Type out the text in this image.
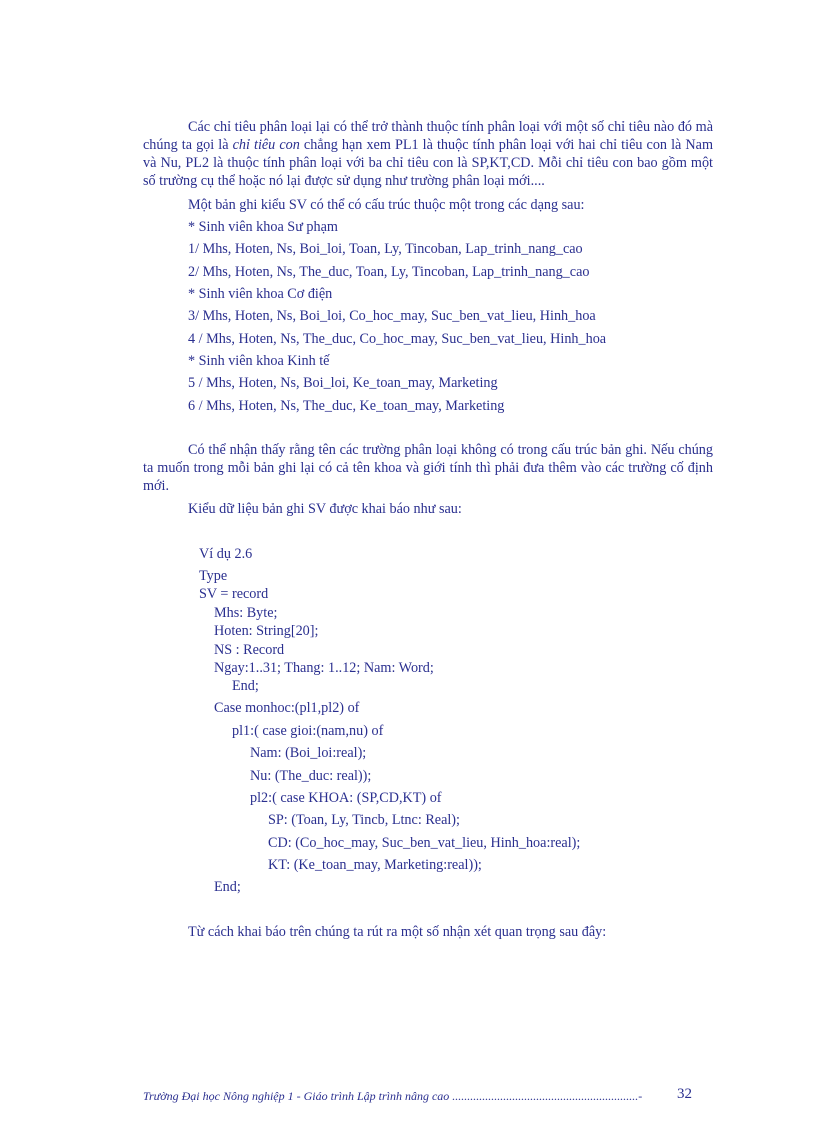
Các chỉ tiêu phân loại lại có thể trở thành thuộc tính phân loại với một số chỉ tiêu nào đó mà chúng ta gọi là chỉ tiêu con chẳng hạn xem PL1 là thuộc tính phân loại với hai chỉ tiêu con là Nam và Nu, PL2 là thuộc tính phân loại với ba chỉ tiêu con là SP,KT,CD. Mỗi chỉ tiêu con bao gồm một số trường cụ thể hoặc nó lại được sử dụng như trường phân loại mới....

Một bản ghi kiểu SV có thể có cấu trúc thuộc một trong các dạng sau:

* Sinh viên khoa Sư phạm

1/ Mhs, Hoten, Ns, Boi_loi, Toan, Ly, Tincoban, Lap_trinh_nang_cao

2/ Mhs, Hoten, Ns, The_duc, Toan, Ly, Tincoban, Lap_trinh_nang_cao

* Sinh viên khoa Cơ điện

3/ Mhs, Hoten, Ns, Boi_loi, Co_hoc_may, Suc_ben_vat_lieu, Hinh_hoa

4 / Mhs, Hoten, Ns, The_duc, Co_hoc_may, Suc_ben_vat_lieu, Hinh_hoa

* Sinh viên khoa Kinh tế

5 / Mhs, Hoten, Ns, Boi_loi, Ke_toan_may, Marketing

6 / Mhs, Hoten, Ns, The_duc, Ke_toan_may, Marketing

Có thể nhận thấy rằng tên các trường phân loại không có trong cấu trúc bản ghi. Nếu chúng ta muốn trong mỗi bản ghi lại có cả tên khoa và giới tính thì phải đưa thêm vào các trường cố định mới.

Kiểu dữ liệu bản ghi SV được khai báo như sau:

Ví dụ 2.6

Type

SV = record

Mhs: Byte;

Hoten: String[20];

NS : Record

Ngay:1..31; Thang: 1..12; Nam: Word;

End;

Case monhoc:(pl1,pl2) of

pl1:( case gioi:(nam,nu) of

Nam: (Boi_loi:real);

Nu: (The_duc: real));

pl2:( case KHOA: (SP,CD,KT) of

SP: (Toan, Ly, Tincb, Ltnc: Real);

CD: (Co_hoc_may, Suc_ben_vat_lieu, Hinh_hoa:real);

KT: (Ke_toan_may, Marketing:real));

End;

Từ cách khai báo trên chúng ta rút ra một số nhận xét quan trọng sau đây:

Trường Đại học Nông nghiệp 1 - Giáo trình Lập trình nâng cao ..............................................................-	32
